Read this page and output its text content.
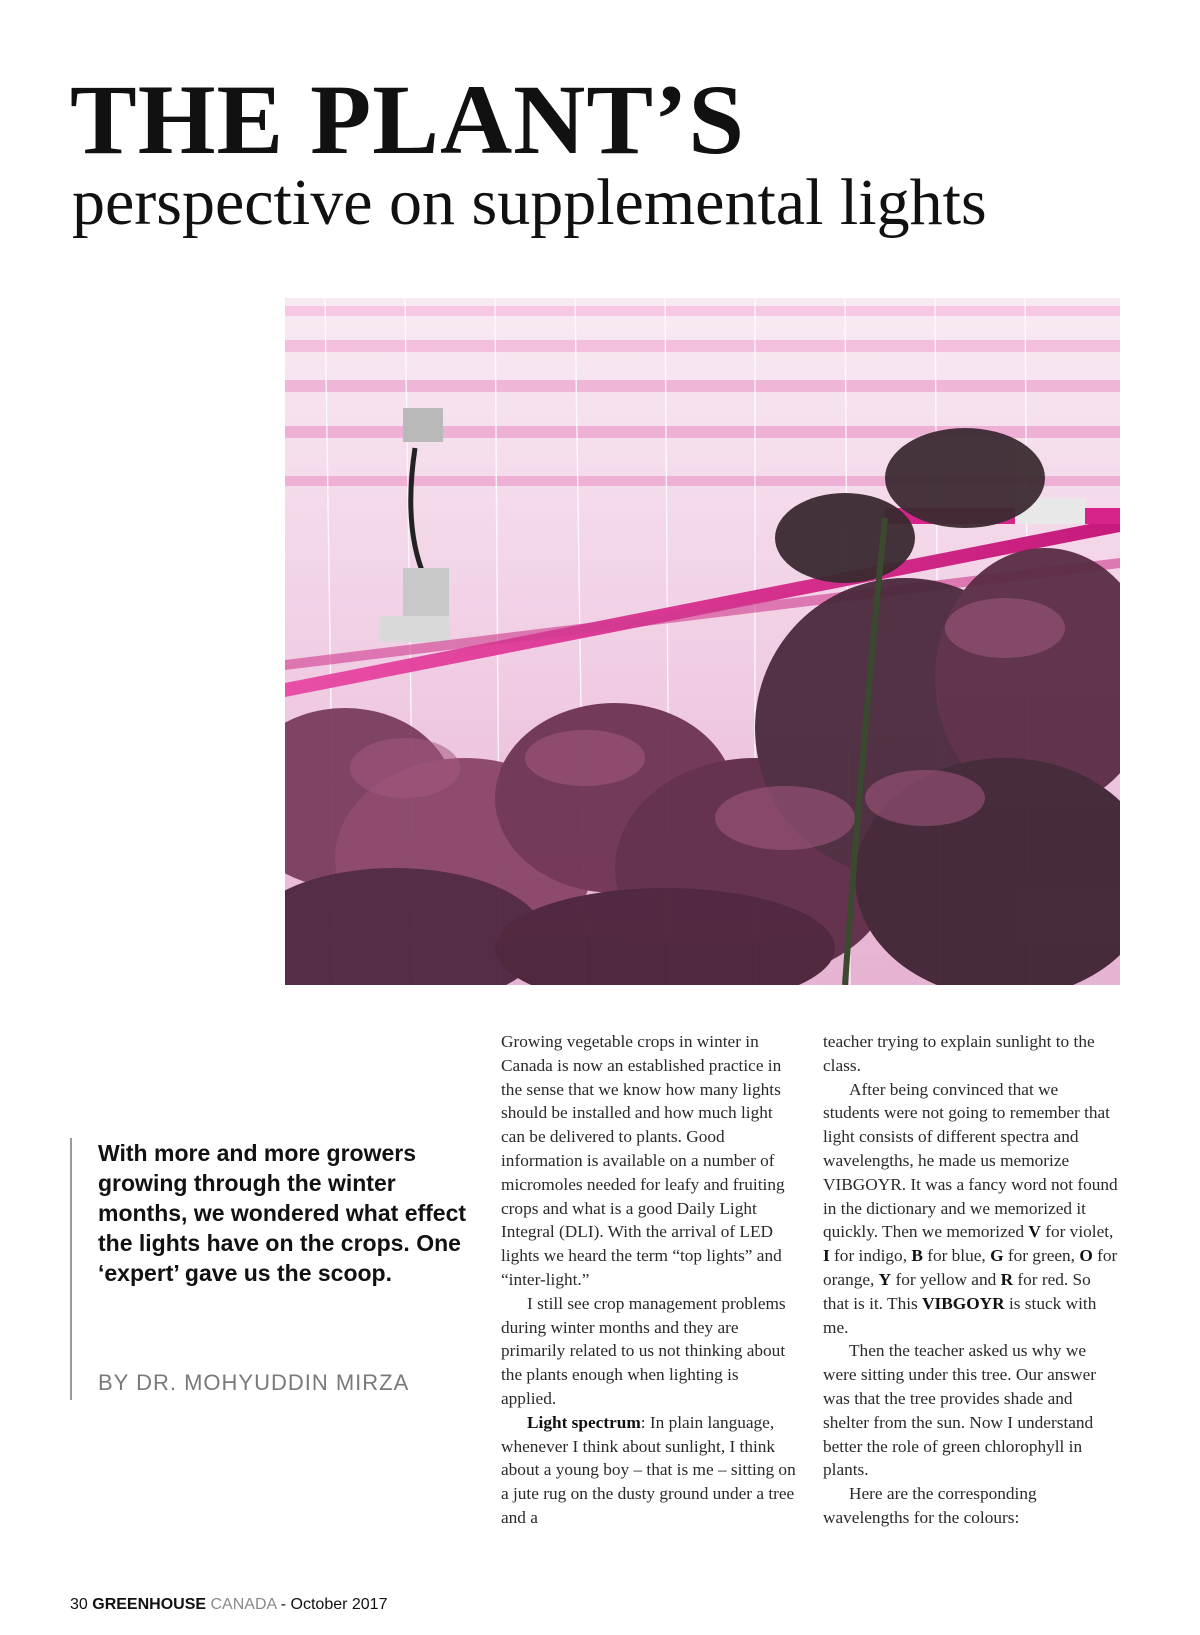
THE PLANT’S
perspective on supplemental lights

With more and more growers growing through the winter months, we wondered what effect the lights have on the crops. One ‘expert’ gave us the scoop.

BY DR. MOHYUDDIN MIRZA

Growing vegetable crops in winter in Canada is now an established practice in the sense that we know how many lights should be installed and how much light can be delivered to plants. Good information is available on a number of micromoles needed for leafy and fruiting crops and what is a good Daily Light Integral (DLI). With the arrival of LED lights we heard the term “top lights” and “inter-light.”

I still see crop management problems during winter months and they are primarily related to us not thinking about the plants enough when lighting is applied.

Light spectrum: In plain language, whenever I think about sunlight, I think about a young boy – that is me – sitting on a jute rug on the dusty ground under a tree and a

teacher trying to explain sunlight to the class.

After being convinced that we students were not going to remember that light consists of different spectra and wavelengths, he made us memorize VIBGOYR. It was a fancy word not found in the dictionary and we memorized it quickly. Then we memorized V for violet, I for indigo, B for blue, G for green, O for orange, Y for yellow and R for red. So that is it. This VIBGOYR is stuck with me.

Then the teacher asked us why we were sitting under this tree. Our answer was that the tree provides shade and shelter from the sun. Now I understand better the role of green chlorophyll in plants.

Here are the corresponding wavelengths for the colours:

30 GREENHOUSE CANADA - October 2017
